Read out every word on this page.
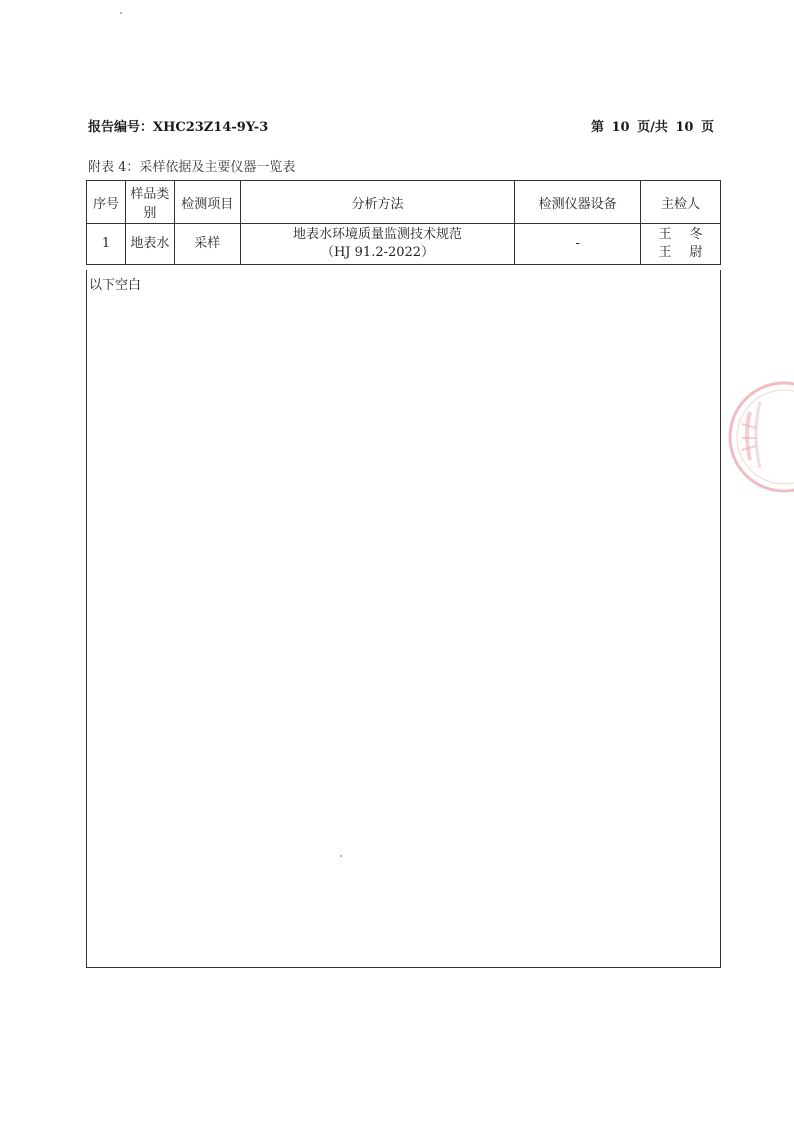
报告编号：XHC23Z14-9Y-3	第 10 页/共 10 页
附表 4：采样依据及主要仪器一览表
序号	样品类别	检测项目	分析方法	检测仪器设备	主检人
1	地表水	采样	地表水环境质量监测技术规范
（HJ 91.2-2022）	-	王 冬
王 尉
以下空白
